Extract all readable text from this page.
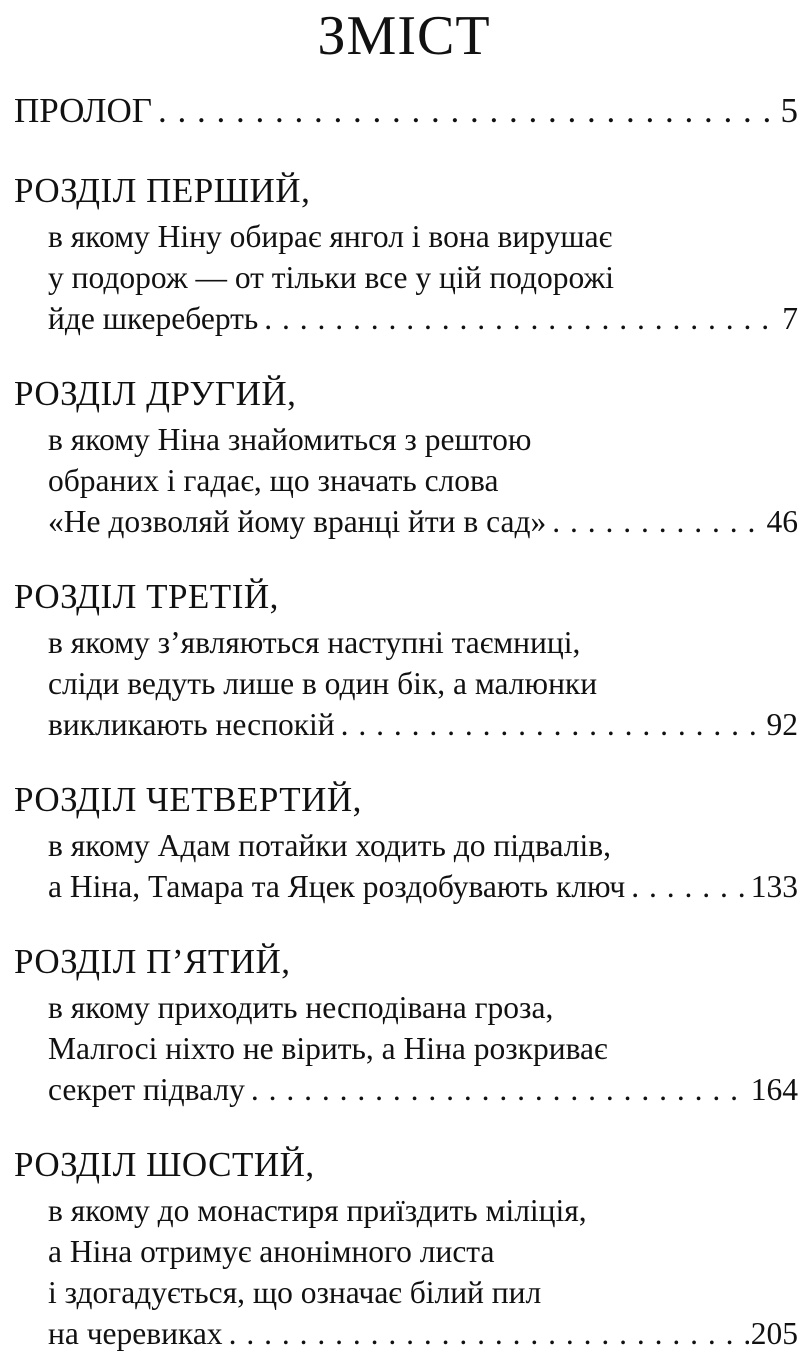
ЗМІСТ
ПРОЛОГ . . .	5
РОЗДІЛ ПЕРШИЙ,
в якому Ніну обирає янгол і вона вирушає
у подорож — от тільки все у цій подорожі
йде шкереберть . . .	7
РОЗДІЛ ДРУГИЙ,
в якому Ніна знайомиться з рештою
обраних і гадає, що значать слова
«Не дозволяй йому вранці йти в сад» . . .	46
РОЗДІЛ ТРЕТІЙ,
в якому з’являються наступні таємниці,
сліди ведуть лише в один бік, а малюнки
викликають неспокій . . .	92
РОЗДІЛ ЧЕТВЕРТИЙ,
в якому Адам потайки ходить до підвалів,
а Ніна, Тамара та Яцек роздобувають ключ . . .	133
РОЗДІЛ П’ЯТИЙ,
в якому приходить несподівана гроза,
Малгосі ніхто не вірить, а Ніна розкриває
секрет підвалу . . .	164
РОЗДІЛ ШОСТИЙ,
в якому до монастиря приїздить міліція,
а Ніна отримує анонімного листа
і здогадується, що означає білий пил
на черевиках . . .	205
